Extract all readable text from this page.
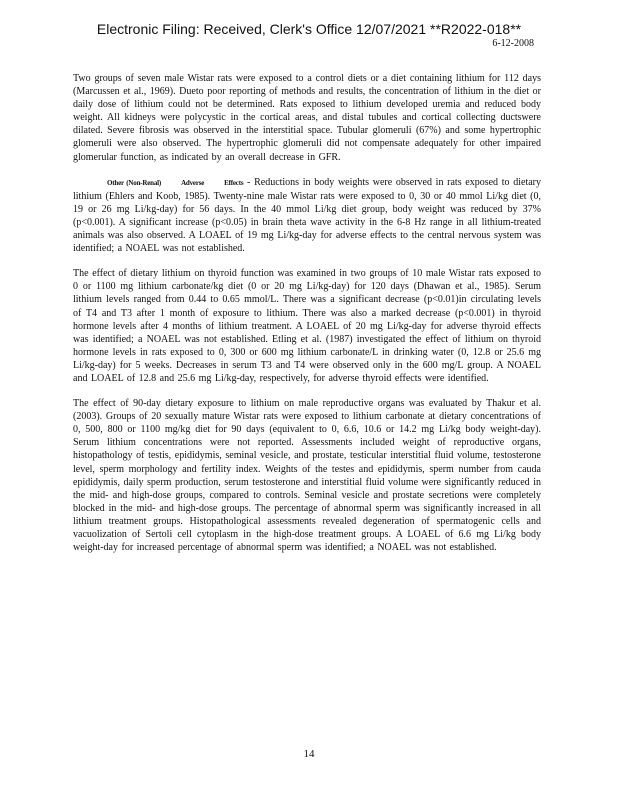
Electronic Filing: Received, Clerk's Office 12/07/2021 **R2022-018**
6-12-2008

Two groups of seven male Wistar rats were exposed to a control diets or a diet containing lithium for 112 days (Marcussen et al., 1969). Dueto poor reporting of methods and results, the concentration of lithium in the diet or daily dose of lithium could not be determined. Rats exposed to lithium developed uremia and reduced body weight. All kidneys were polycystic in the cortical areas, and distal tubules and cortical collecting ductswere dilated. Severe fibrosis was observed in the interstitial space. Tubular glomeruli (67%) and some hypertrophic glomeruli were also observed. The hypertrophic glomeruli did not compensate adequately for other impaired glomerular function, as indicated by an overall decrease in GFR.

Other (Non-Renal)	Adverse	Effects - Reductions in body weights were observed in rats exposed to dietary lithium (Ehlers and Koob, 1985). Twenty-nine male Wistar rats were exposed to 0, 30 or 40 mmol Li/kg diet (0, 19 or 26 mg Li/kg-day) for 56 days. In the 40 mmol Li/kg diet group, body weight was reduced by 37% (p<0.001). A significant increase (p<0.05) in brain theta wave activity in the 6-8 Hz range in all lithium-treated animals was also observed. A LOAEL of 19 mg Li/kg-day for adverse effects to the central nervous system was identified; a NOAEL was not established.

The effect of dietary lithium on thyroid function was examined in two groups of 10 male Wistar rats exposed to 0 or 1100 mg lithium carbonate/kg diet (0 or 20 mg Li/kg-day) for 120 days (Dhawan et al., 1985). Serum lithium levels ranged from 0.44 to 0.65 mmol/L. There was a significant decrease (p<0.01)in circulating levels of T4 and T3 after 1 month of exposure to lithium. There was also a marked decrease (p<0.001) in thyroid hormone levels after 4 months of lithium treatment. A LOAEL of 20 mg Li/kg-day for adverse thyroid effects was identified; a NOAEL was not established. Etling et al. (1987) investigated the effect of lithium on thyroid hormone levels in rats exposed to 0, 300 or 600 mg lithium carbonate/L in drinking water (0, 12.8 or 25.6 mg Li/kg-day) for 5 weeks. Decreases in serum T3 and T4 were observed only in the 600 mg/L group. A NOAEL and LOAEL of 12.8 and 25.6 mg Li/kg-day, respectively, for adverse thyroid effects were identified.

The effect of 90-day dietary exposure to lithium on male reproductive organs was evaluated by Thakur et al. (2003). Groups of 20 sexually mature Wistar rats were exposed to lithium carbonate at dietary concentrations of 0, 500, 800 or 1100 mg/kg diet for 90 days (equivalent to 0, 6.6, 10.6 or 14.2 mg Li/kg body weight-day). Serum lithium concentrations were not reported. Assessments included weight of reproductive organs, histopathology of testis, epididymis, seminal vesicle, and prostate, testicular interstitial fluid volume, testosterone level, sperm morphology and fertility index. Weights of the testes and epididymis, sperm number from cauda epididymis, daily sperm production, serum testosterone and interstitial fluid volume were significantly reduced in the mid- and high-dose groups, compared to controls. Seminal vesicle and prostate secretions were completely blocked in the mid- and high-dose groups. The percentage of abnormal sperm was significantly increased in all lithium treatment groups. Histopathological assessments revealed degeneration of spermatogenic cells and vacuolization of Sertoli cell cytoplasm in the high-dose treatment groups. A LOAEL of 6.6 mg Li/kg body weight-day for increased percentage of abnormal sperm was identified; a NOAEL was not established.

14
